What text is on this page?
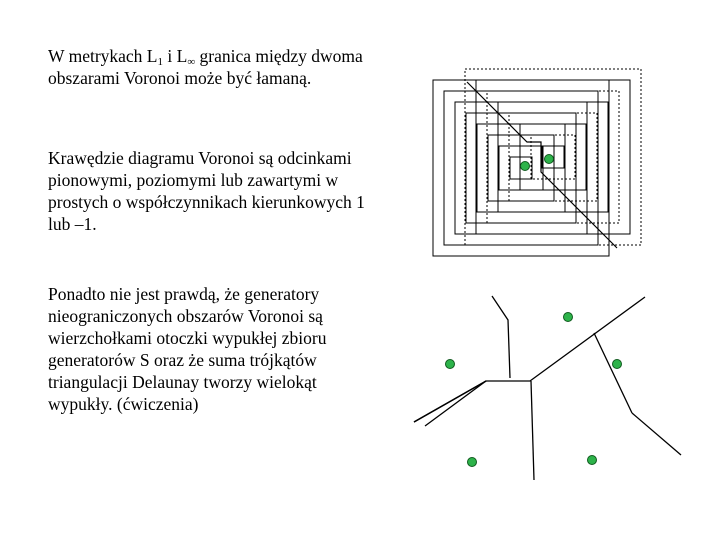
W metrykach $L_1$ i $L_\infty$ granica między dwoma obszarami Voronoi może być łamaną.

Krawędzie diagramu Voronoi są odcinkami pionowymi, poziomymi lub zawartymi w prostych o współczynnikach kierunkowych 1 lub –1.

Ponadto nie jest prawdą, że generatory nieograniczonych obszarów Voronoi są wierzchołkami otoczki wypukłej zbioru generatorów S oraz że suma trójkątów triangulacji Delaunay tworzy wielokąt wypukły. (ćwiczenia)
